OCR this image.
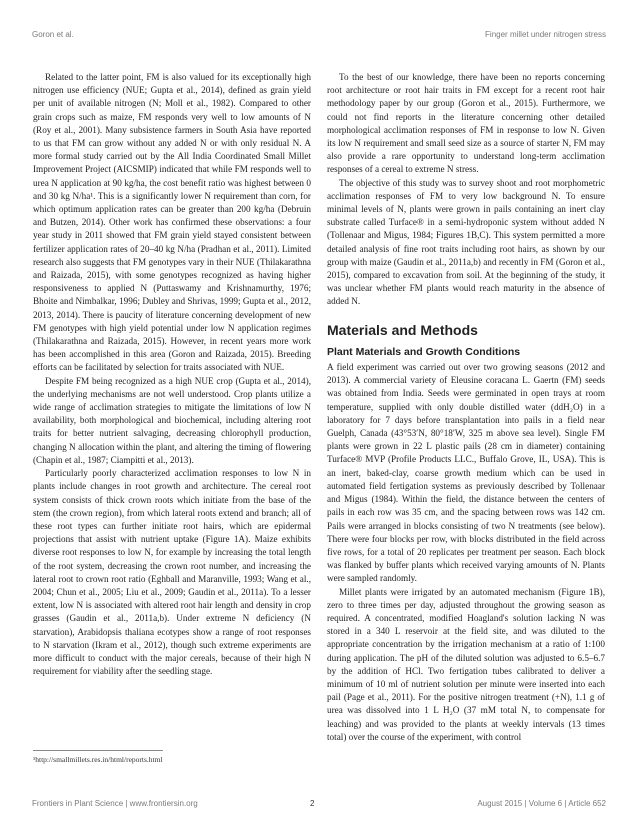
Goron et al.	Finger millet under nitrogen stress

Related to the latter point, FM is also valued for its exceptionally high nitrogen use efficiency (NUE; Gupta et al., 2014), defined as grain yield per unit of available nitrogen (N; Moll et al., 1982). Compared to other grain crops such as maize, FM responds very well to low amounts of N (Roy et al., 2001). Many subsistence farmers in South Asia have reported to us that FM can grow without any added N or with only residual N. A more formal study carried out by the All India Coordinated Small Millet Improvement Project (AICSMIP) indicated that while FM responds well to urea N application at 90 kg/ha, the cost benefit ratio was highest between 0 and 30 kg N/ha¹. This is a significantly lower N requirement than corn, for which optimum application rates can be greater than 200 kg/ha (Debruin and Butzen, 2014). Other work has confirmed these observations: a four year study in 2011 showed that FM grain yield stayed consistent between fertilizer application rates of 20–40 kg N/ha (Pradhan et al., 2011). Limited research also suggests that FM genotypes vary in their NUE (Thilakarathna and Raizada, 2015), with some genotypes recognized as having higher responsiveness to applied N (Puttaswamy and Krishnamurthy, 1976; Bhoite and Nimbalkar, 1996; Dubley and Shrivas, 1999; Gupta et al., 2012, 2013, 2014). There is paucity of literature concerning development of new FM genotypes with high yield potential under low N application regimes (Thilakarathna and Raizada, 2015). However, in recent years more work has been accomplished in this area (Goron and Raizada, 2015). Breeding efforts can be facilitated by selection for traits associated with NUE.

Despite FM being recognized as a high NUE crop (Gupta et al., 2014), the underlying mechanisms are not well understood. Crop plants utilize a wide range of acclimation strategies to mitigate the limitations of low N availability, both morphological and biochemical, including altering root traits for better nutrient salvaging, decreasing chlorophyll production, changing N allocation within the plant, and altering the timing of flowering (Chapin et al., 1987; Ciampitti et al., 2013).

Particularly poorly characterized acclimation responses to low N in plants include changes in root growth and architecture. The cereal root system consists of thick crown roots which initiate from the base of the stem (the crown region), from which lateral roots extend and branch; all of these root types can further initiate root hairs, which are epidermal projections that assist with nutrient uptake (Figure 1A). Maize exhibits diverse root responses to low N, for example by increasing the total length of the root system, decreasing the crown root number, and increasing the lateral root to crown root ratio (Eghball and Maranville, 1993; Wang et al., 2004; Chun et al., 2005; Liu et al., 2009; Gaudin et al., 2011a). To a lesser extent, low N is associated with altered root hair length and density in crop grasses (Gaudin et al., 2011a,b). Under extreme N deficiency (N starvation), Arabidopsis thaliana ecotypes show a range of root responses to N starvation (Ikram et al., 2012), though such extreme experiments are more difficult to conduct with the major cereals, because of their high N requirement for viability after the seedling stage.

¹http://smallmillets.res.in/html/reports.html

To the best of our knowledge, there have been no reports concerning root architecture or root hair traits in FM except for a recent root hair methodology paper by our group (Goron et al., 2015). Furthermore, we could not find reports in the literature concerning other detailed morphological acclimation responses of FM in response to low N. Given its low N requirement and small seed size as a source of starter N, FM may also provide a rare opportunity to understand long-term acclimation responses of a cereal to extreme N stress.

The objective of this study was to survey shoot and root morphometric acclimation responses of FM to very low background N. To ensure minimal levels of N, plants were grown in pails containing an inert clay substrate called Turface® in a semi-hydroponic system without added N (Tollenaar and Migus, 1984; Figures 1B,C). This system permitted a more detailed analysis of fine root traits including root hairs, as shown by our group with maize (Gaudin et al., 2011a,b) and recently in FM (Goron et al., 2015), compared to excavation from soil. At the beginning of the study, it was unclear whether FM plants would reach maturity in the absence of added N.

Materials and Methods
Plant Materials and Growth Conditions

A field experiment was carried out over two growing seasons (2012 and 2013). A commercial variety of Eleusine coracana L. Gaertn (FM) seeds was obtained from India. Seeds were germinated in open trays at room temperature, supplied with only double distilled water (ddH₂O) in a laboratory for 7 days before transplantation into pails in a field near Guelph, Canada (43°53′N, 80°18′W, 325 m above sea level). Single FM plants were grown in 22 L plastic pails (28 cm in diameter) containing Turface® MVP (Profile Products LLC., Buffalo Grove, IL, USA). This is an inert, baked-clay, coarse growth medium which can be used in automated field fertigation systems as previously described by Tollenaar and Migus (1984). Within the field, the distance between the centers of pails in each row was 35 cm, and the spacing between rows was 142 cm. Pails were arranged in blocks consisting of two N treatments (see below). There were four blocks per row, with blocks distributed in the field across five rows, for a total of 20 replicates per treatment per season. Each block was flanked by buffer plants which received varying amounts of N. Plants were sampled randomly.

Millet plants were irrigated by an automated mechanism (Figure 1B), zero to three times per day, adjusted throughout the growing season as required. A concentrated, modified Hoagland's solution lacking N was stored in a 340 L reservoir at the field site, and was diluted to the appropriate concentration by the irrigation mechanism at a ratio of 1:100 during application. The pH of the diluted solution was adjusted to 6.5–6.7 by the addition of HCl. Two fertigation tubes calibrated to deliver a minimum of 10 ml of nutrient solution per minute were inserted into each pail (Page et al., 2011). For the positive nitrogen treatment (+N), 1.1 g of urea was dissolved into 1 L H₂O (37 mM total N, to compensate for leaching) and was provided to the plants at weekly intervals (13 times total) over the course of the experiment, with control

Frontiers in Plant Science | www.frontiersin.org	2	August 2015 | Volume 6 | Article 652
